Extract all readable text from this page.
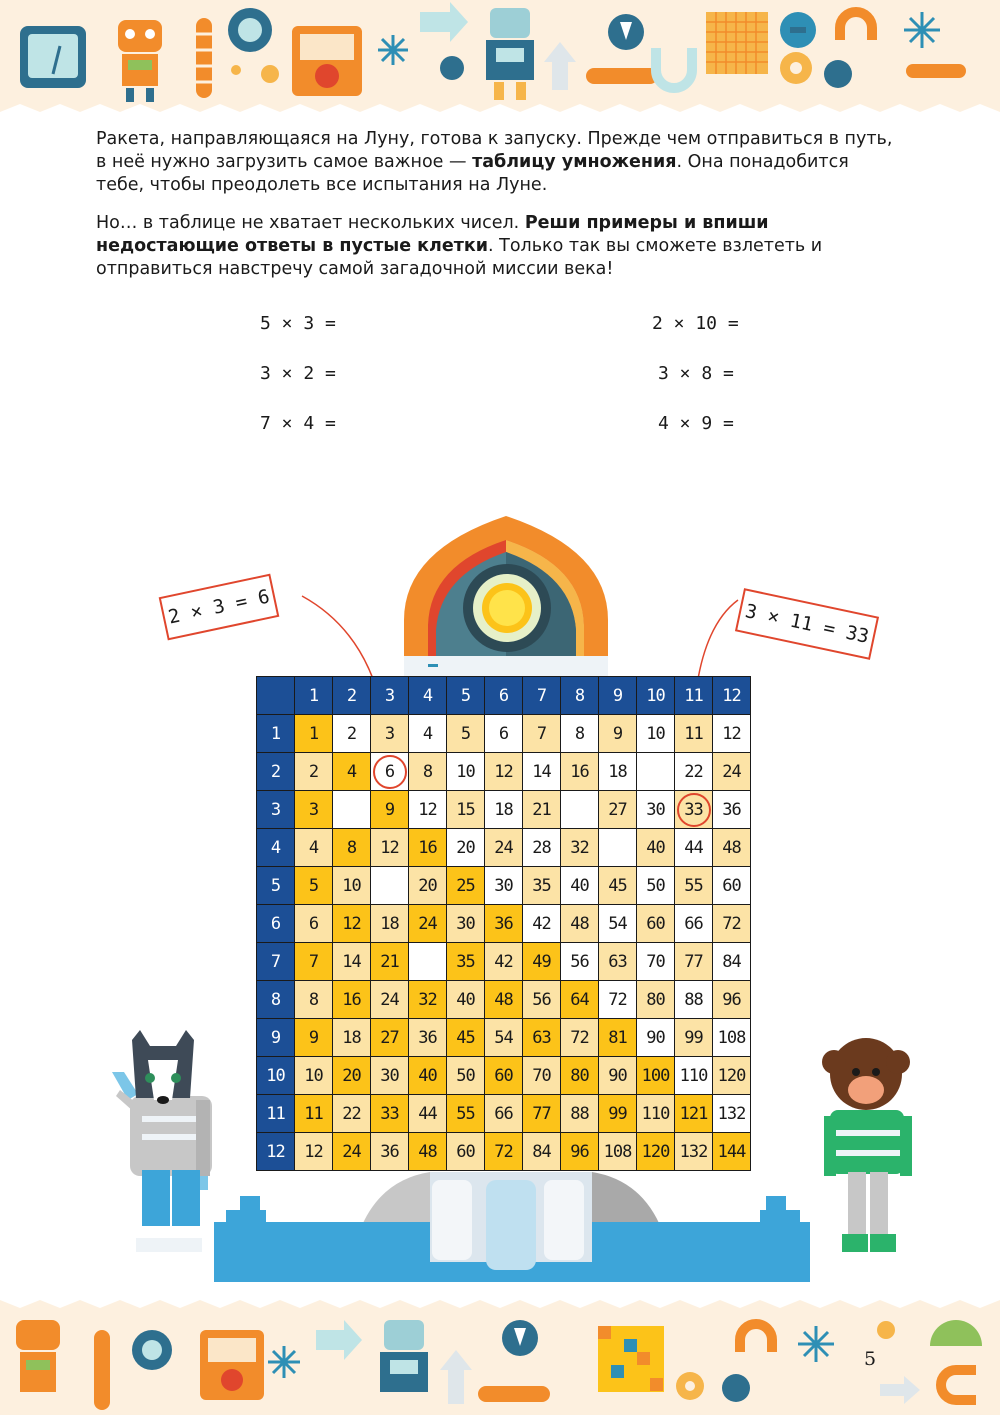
Ракета, направляющаяся на Луну, готова к запуску. Прежде чем отправиться в путь, в неё нужно загрузить самое важное — таблицу умножения. Она понадобится тебе, чтобы преодолеть все испытания на Луне.

Но… в таблице не хватает нескольких чисел. Реши примеры и впиши недостающие ответы в пустые клетки. Только так вы сможете взлететь и отправиться навстречу самой загадочной миссии века!

5 × 3 =	2 × 10 =
3 × 2 =	3 × 8 =
7 × 4 =	4 × 9 =
	1	2	3	4	5	6	7	8	9	10	11	12
1	1	2	3	4	5	6	7	8	9	10	11	12
2	2	4	6	8	10	12	14	16	18		22	24
3	3		9	12	15	18	21		27	30	33	36
4	4	8	12	16	20	24	28	32		40	44	48
5	5	10		20	25	30	35	40	45	50	55	60
6	6	12	18	24	30	36	42	48	54	60	66	72
7	7	14	21		35	42	49	56	63	70	77	84
8	8	16	24	32	40	48	56	64	72	80	88	96
9	9	18	27	36	45	54	63	72	81	90	99	108
10	10	20	30	40	50	60	70	80	90	100	110	120
11	11	22	33	44	55	66	77	88	99	110	121	132
12	12	24	36	48	60	72	84	96	108	120	132	144
2 × 3 = 6	3 × 11 = 33
5
